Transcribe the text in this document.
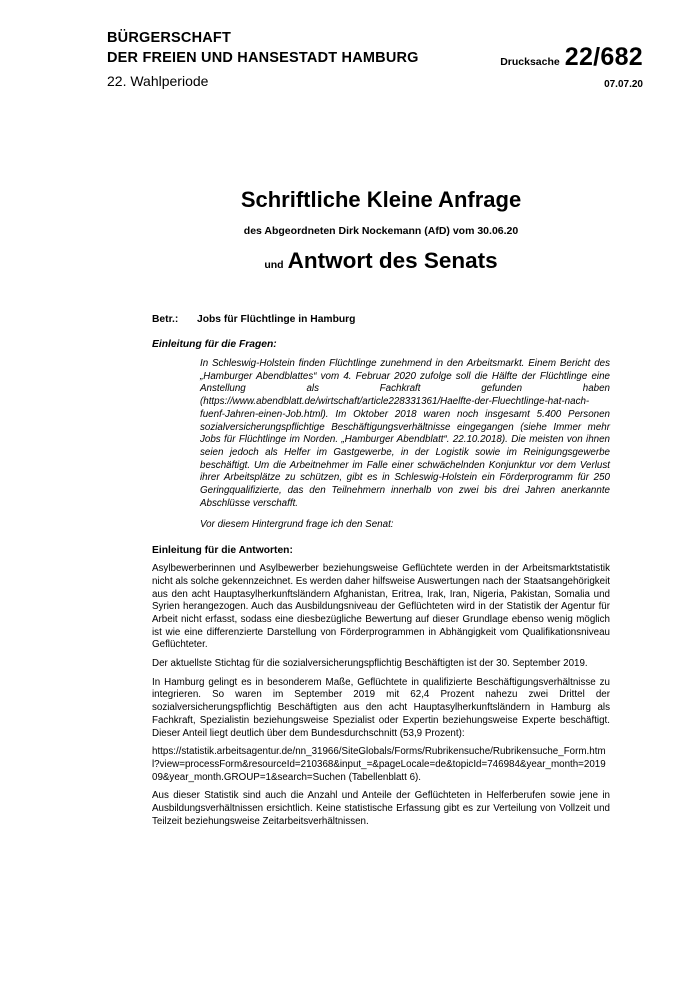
BÜRGERSCHAFT
DER FREIEN UND HANSESTADT HAMBURG
22. Wahlperiode
Drucksache 22/682
07.07.20
Schriftliche Kleine Anfrage
des Abgeordneten Dirk Nockemann (AfD) vom 30.06.20
und Antwort des Senats
Betr.:	Jobs für Flüchtlinge in Hamburg
Einleitung für die Fragen:
In Schleswig-Holstein finden Flüchtlinge zunehmend in den Arbeitsmarkt. Einem Bericht des „Hamburger Abendblattes“ vom 4. Februar 2020 zufolge soll die Hälfte der Flüchtlinge eine Anstellung als Fachkraft gefunden haben (https://www.abendblatt.de/wirtschaft/article228331361/Haelfte-der-Fluechtlinge-hat-nach-fuenf-Jahren-einen-Job.html). Im Oktober 2018 waren noch insgesamt 5.400 Personen sozialversicherungspflichtige Beschäftigungsverhältnisse eingegangen (siehe Immer mehr Jobs für Flüchtlinge im Norden. „Hamburger Abendblatt“. 22.10.2018). Die meisten von ihnen seien jedoch als Helfer im Gastgewerbe, in der Logistik sowie im Reinigungsgewerbe beschäftigt. Um die Arbeitnehmer im Falle einer schwächelnden Konjunktur vor dem Verlust ihrer Arbeitsplätze zu schützen, gibt es in Schleswig-Holstein ein Förderprogramm für 250 Geringqualifizierte, das den Teilnehmern innerhalb von zwei bis drei Jahren anerkannte Abschlüsse verschafft.
Vor diesem Hintergrund frage ich den Senat:
Einleitung für die Antworten:
Asylbewerberinnen und Asylbewerber beziehungsweise Geflüchtete werden in der Arbeitsmarktstatistik nicht als solche gekennzeichnet. Es werden daher hilfsweise Auswertungen nach der Staatsangehörigkeit aus den acht Hauptasylherkunftsländern Afghanistan, Eritrea, Irak, Iran, Nigeria, Pakistan, Somalia und Syrien herangezogen. Auch das Ausbildungsniveau der Geflüchteten wird in der Statistik der Agentur für Arbeit nicht erfasst, sodass eine diesbezügliche Bewertung auf dieser Grundlage ebenso wenig möglich ist wie eine differenzierte Darstellung von Förderprogrammen in Abhängigkeit vom Qualifikationsniveau Geflüchteter.
Der aktuellste Stichtag für die sozialversicherungspflichtig Beschäftigten ist der 30. September 2019.
In Hamburg gelingt es in besonderem Maße, Geflüchtete in qualifizierte Beschäftigungsverhältnisse zu integrieren. So waren im September 2019 mit 62,4 Prozent nahezu zwei Drittel der sozialversicherungspflichtig Beschäftigten aus den acht Hauptasylherkunftsländern in Hamburg als Fachkraft, Spezialistin beziehungsweise Spezialist oder Expertin beziehungsweise Experte beschäftigt. Dieser Anteil liegt deutlich über dem Bundesdurchschnitt (53,9 Prozent):
https://statistik.arbeitsagentur.de/nn_31966/SiteGlobals/Forms/Rubrikensuche/Rubrikensuche_Form.html?view=processForm&resourceId=210368&input_=&pageLocale=de&topicId=746984&year_month=201909&year_month.GROUP=1&search=Suchen (Tabellenblatt 6).
Aus dieser Statistik sind auch die Anzahl und Anteile der Geflüchteten in Helferberufen sowie jene in Ausbildungsverhältnissen ersichtlich. Keine statistische Erfassung gibt es zur Verteilung von Vollzeit und Teilzeit beziehungsweise Zeitarbeitsverhältnissen.
